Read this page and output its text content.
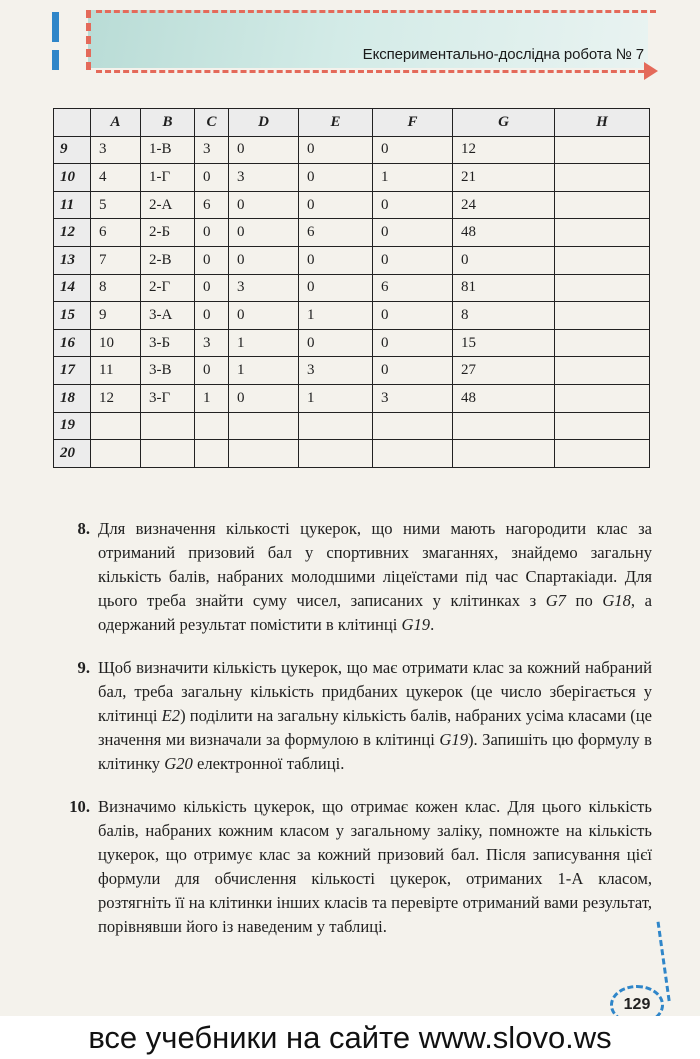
Експериментально-дослідна робота № 7
	A	B	C	D	E	F	G	H
9	3	1-В	3	0	0	0	12	
10	4	1-Г	0	3	0	1	21	
11	5	2-А	6	0	0	0	24	
12	6	2-Б	0	0	6	0	48	
13	7	2-В	0	0	0	0	0	
14	8	2-Г	0	3	0	6	81	
15	9	3-А	0	0	1	0	8	
16	10	3-Б	3	1	0	0	15	
17	11	3-В	0	1	3	0	27	
18	12	3-Г	1	0	1	3	48	
19								
20								
8. Для визначення кількості цукерок, що ними мають нагородити клас за отриманий призовий бал у спортивних змаганнях, знайдемо загальну кількість балів, набраних молодшими ліцеїстами під час Спартакіади. Для цього треба знайти суму чисел, записаних у клітинках з G7 по G18, а одержаний результат помістити в клітинці G19.
9. Щоб визначити кількість цукерок, що має отримати клас за кожний набраний бал, треба загальну кількість придбаних цукерок (це число зберігається у клітинці E2) поділити на загальну кількість балів, набраних усіма класами (це значення ми визначали за формулою в клітинці G19). Запишіть цю формулу в клітинку G20 електронної таблиці.
10. Визначимо кількість цукерок, що отримає кожен клас. Для цього кількість балів, набраних кожним класом у загальному заліку, помножте на кількість цукерок, що отримує клас за кожний призовий бал. Після записування цієї формули для обчислення кількості цукерок, отриманих 1-А класом, розтягніть її на клітинки інших класів та перевірте отриманий вами результат, порівнявши його із наведеним у таблиці.
129
все учебники на сайте www.slovo.ws
